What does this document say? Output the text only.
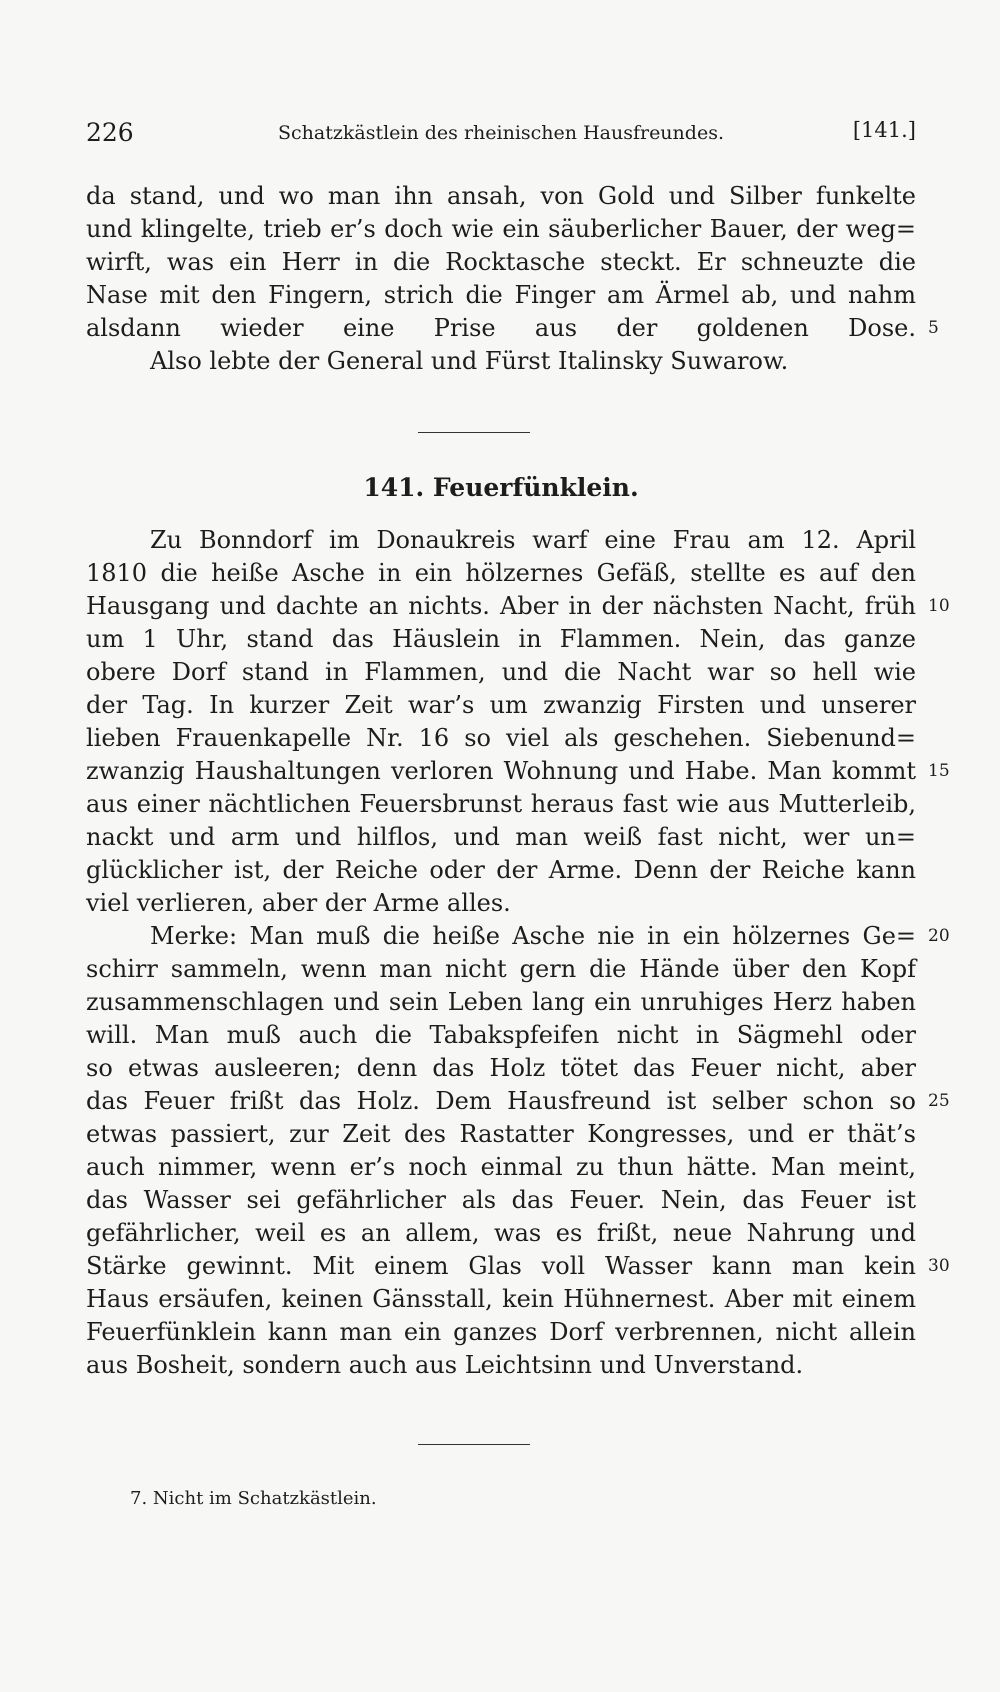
226	Schatzkästlein des rheinischen Hausfreundes.	[141.]
da stand, und wo man ihn ansah, von Gold und Silber funkelte
und klingelte, trieb er’s doch wie ein säuberlicher Bauer, der weg=
wirft, was ein Herr in die Rocktasche steckt. Er schneuzte die
Nase mit den Fingern, strich die Finger am Ärmel ab, und nahm
alsdann wieder eine Prise aus der goldenen Dose. 5
Also lebte der General und Fürst Italinsky Suwarow.
141. Feuerfünklein.
Zu Bonndorf im Donaukreis warf eine Frau am 12. April
1810 die heiße Asche in ein hölzernes Gefäß, stellte es auf den
Hausgang und dachte an nichts. Aber in der nächsten Nacht, früh 10
um 1 Uhr, stand das Häuslein in Flammen. Nein, das ganze
obere Dorf stand in Flammen, und die Nacht war so hell wie
der Tag. In kurzer Zeit war’s um zwanzig Firsten und unserer
lieben Frauenkapelle Nr. 16 so viel als geschehen. Siebenund=
zwanzig Haushaltungen verloren Wohnung und Habe. Man kommt 15
aus einer nächtlichen Feuersbrunst heraus fast wie aus Mutterleib,
nackt und arm und hilflos, und man weiß fast nicht, wer un=
glücklicher ist, der Reiche oder der Arme. Denn der Reiche kann
viel verlieren, aber der Arme alles.
Merke: Man muß die heiße Asche nie in ein hölzernes Ge= 20
schirr sammeln, wenn man nicht gern die Hände über den Kopf
zusammenschlagen und sein Leben lang ein unruhiges Herz haben
will. Man muß auch die Tabakspfeifen nicht in Sägmehl oder
so etwas ausleeren; denn das Holz tötet das Feuer nicht, aber
das Feuer frißt das Holz. Dem Hausfreund ist selber schon so 25
etwas passiert, zur Zeit des Rastatter Kongresses, und er thät’s
auch nimmer, wenn er’s noch einmal zu thun hätte. Man meint,
das Wasser sei gefährlicher als das Feuer. Nein, das Feuer ist
gefährlicher, weil es an allem, was es frißt, neue Nahrung und
Stärke gewinnt. Mit einem Glas voll Wasser kann man kein 30
Haus ersäufen, keinen Gänsstall, kein Hühnernest. Aber mit einem
Feuerfünklein kann man ein ganzes Dorf verbrennen, nicht allein
aus Bosheit, sondern auch aus Leichtsinn und Unverstand.
7. Nicht im Schatzkästlein.
